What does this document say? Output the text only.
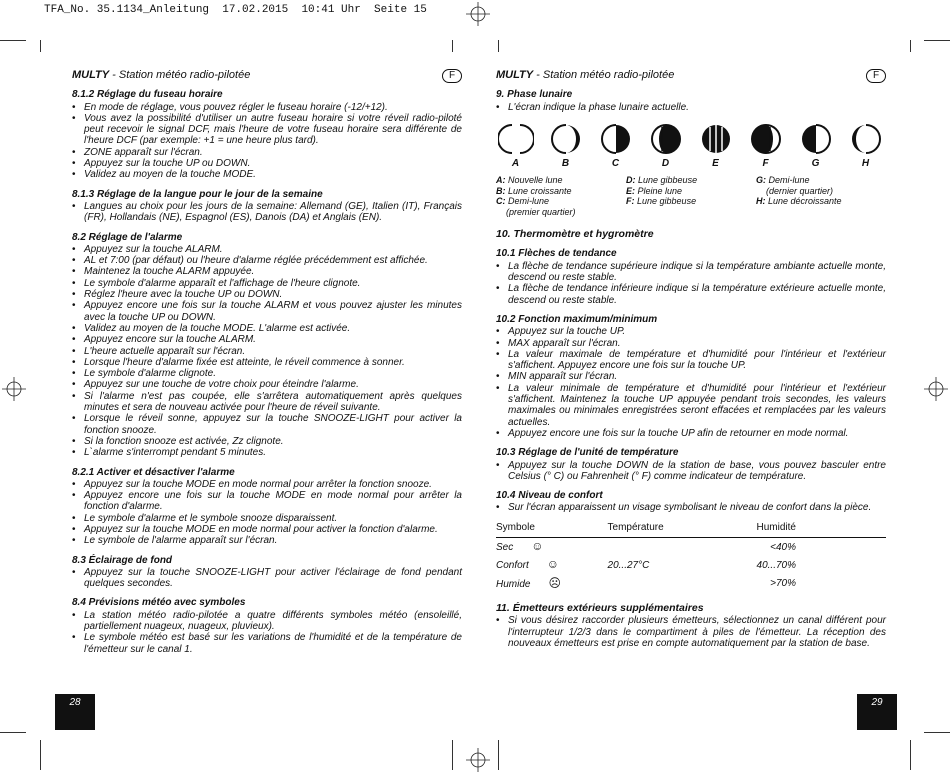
TFA_No. 35.1134_Anleitung  17.02.2015  10:41 Uhr  Seite 15
MULTY - Station météo radio-pilotée	F
8.1.2 Réglage du fuseau horaire
• En mode de réglage, vous pouvez régler le fuseau horaire (-12/+12).
• Vous avez la possibilité d'utiliser un autre fuseau horaire si votre réveil radio-piloté peut recevoir le signal DCF, mais l'heure de votre fuseau horaire sera différente de l'heure DCF (par exemple: +1 = une heure plus tard).
• ZONE apparaît sur l'écran.
• Appuyez sur la touche UP ou DOWN.
• Validez au moyen de la touche MODE.
8.1.3 Réglage de la langue pour le jour de la semaine
• Langues au choix pour les jours de la semaine: Allemand (GE), Italien (IT), Français (FR), Hollandais (NE), Espagnol (ES), Danois (DA) et Anglais (EN).
8.2 Réglage de l'alarme
• Appuyez sur la touche ALARM.
• AL et 7:00 (par défaut) ou l'heure d'alarme réglée précédemment est affichée.
• Maintenez la touche ALARM appuyée.
• Le symbole d'alarme apparaît et l'affichage de l'heure clignote.
• Réglez l'heure avec la touche UP ou DOWN.
• Appuyez encore une fois sur la touche ALARM et vous pouvez ajuster les minutes avec la touche UP ou DOWN.
• Validez au moyen de la touche MODE. L'alarme est activée.
• Appuyez encore sur la touche ALARM.
• L'heure actuelle apparaît sur l'écran.
• Lorsque l'heure d'alarme fixée est atteinte, le réveil commence à sonner.
• Le symbole d'alarme clignote.
• Appuyez sur une touche de votre choix pour éteindre l'alarme.
• Si l'alarme n'est pas coupée, elle s'arrêtera automatiquement après quelques minutes et sera de nouveau activée pour l'heure de réveil suivante.
• Lorsque le réveil sonne, appuyez sur la touche SNOOZE-LIGHT pour activer la fonction snooze.
• Si la fonction snooze est activée, Zz clignote.
• L`alarme s'interrompt pendant 5 minutes.
8.2.1 Activer et désactiver l'alarme
• Appuyez sur la touche MODE en mode normal pour arrêter la fonction snooze.
• Appuyez encore une fois sur la touche MODE en mode normal pour arrêter la fonction d'alarme.
• Le symbole d'alarme et le symbole snooze disparaissent.
• Appuyez sur la touche MODE en mode normal pour activer la fonction d'alarme.
• Le symbole de l'alarme apparaît sur l'écran.
8.3 Éclairage de fond
• Appuyez sur la touche SNOOZE-LIGHT pour activer l'éclairage de fond pendant quelques secondes.
8.4 Prévisions météo avec symboles
• La station météo radio-pilotée a quatre différents symboles météo (ensoleillé, partiellement nuageux, nuageux, pluvieux).
• Le symbole météo est basé sur les variations de l'humidité et de la température de l'émetteur sur le canal 1.
28
MULTY - Station météo radio-pilotée	F
9. Phase lunaire
• L'écran indique la phase lunaire actuelle.
A	B	C	D	E	F	G	H
A: Nouvelle lune
B: Lune croissante
C: Demi-lune
(premier quartier)
D: Lune gibbeuse
E: Pleine lune
F: Lune gibbeuse
G: Demi-lune
(dernier quartier)
H: Lune décroissante
10. Thermomètre et hygromètre
10.1 Flèches de tendance
• La flèche de tendance supérieure indique si la température ambiante actuelle monte, descend ou reste stable.
• La flèche de tendance inférieure indique si la température extérieure actuelle monte, descend ou reste stable.
10.2 Fonction maximum/minimum
• Appuyez sur la touche UP.
• MAX apparaît sur l'écran.
• La valeur maximale de température et d'humidité pour l'intérieur et l'extérieur s'affichent. Appuyez encore une fois sur la touche UP.
• MIN apparaît sur l'écran.
• La valeur minimale de température et d'humidité pour l'intérieur et l'extérieur s'affichent. Maintenez la touche UP appuyée pendant trois secondes, les valeurs maximales ou minimales enregistrées seront effacées et remplacées par les valeurs actuelles.
• Appuyez encore une fois sur la touche UP afin de retourner en mode normal.
10.3 Réglage de l'unité de température
• Appuyez sur la touche DOWN de la station de base, vous pouvez basculer entre Celsius (° C) ou Fahrenheit (° F) comme indicateur de température.
10.4 Niveau de confort
• Sur l'écran apparaissent un visage symbolisant le niveau de confort dans la pièce.
Symbole	Température	Humidité
Sec ☺		<40%
Confort ☺	20...27°C	40...70%
Humide ☹		>70%
11. Émetteurs extérieurs supplémentaires
• Si vous désirez raccorder plusieurs émetteurs, sélectionnez un canal différent pour l'interrupteur 1/2/3 dans le compartiment à piles de l'émetteur. La réception des nouveaux émetteurs est prise en compte automatiquement par la station de base.
29
